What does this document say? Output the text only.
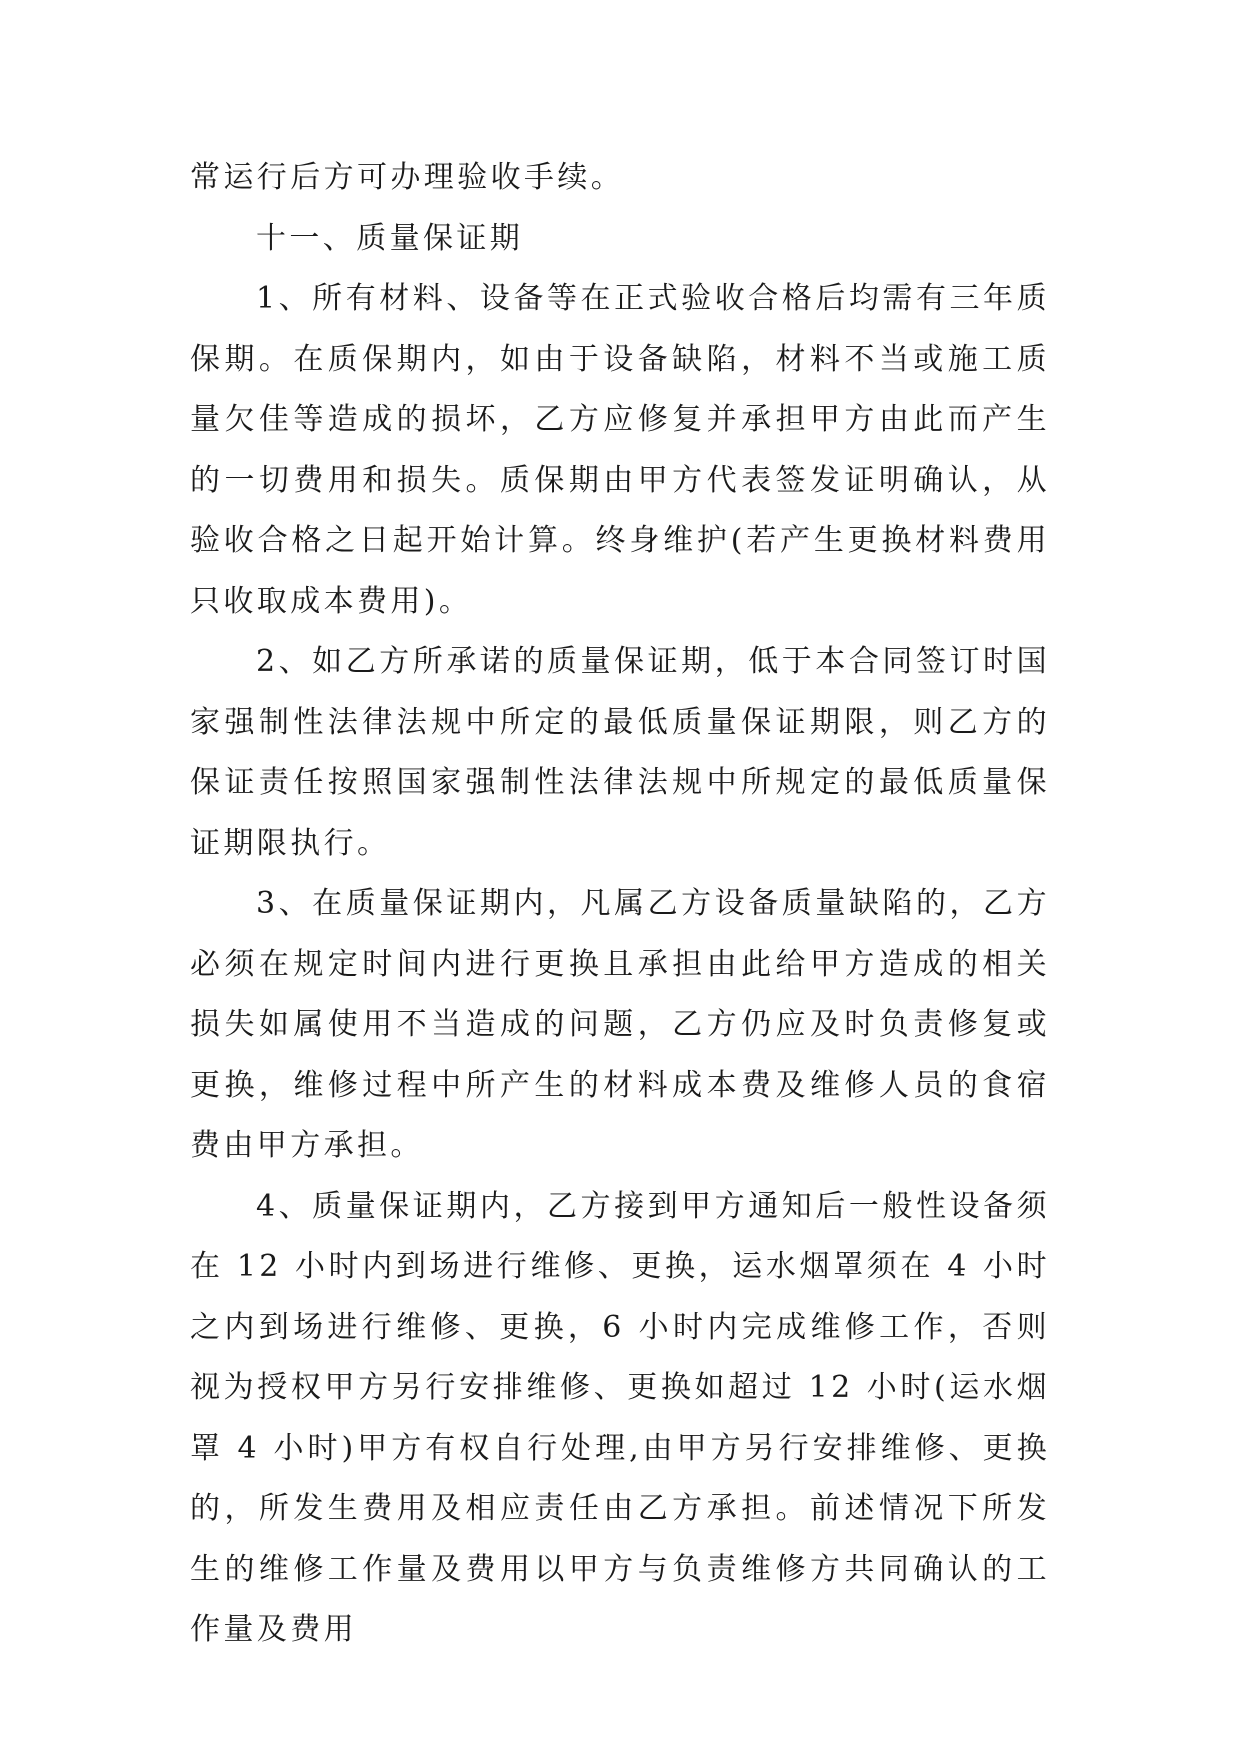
常运行后方可办理验收手续。

十一、质量保证期

1、所有材料、设备等在正式验收合格后均需有三年质保期。在质保期内，如由于设备缺陷，材料不当或施工质量欠佳等造成的损坏，乙方应修复并承担甲方由此而产生的一切费用和损失。质保期由甲方代表签发证明确认，从验收合格之日起开始计算。终身维护(若产生更换材料费用只收取成本费用)。

2、如乙方所承诺的质量保证期，低于本合同签订时国家强制性法律法规中所定的最低质量保证期限，则乙方的保证责任按照国家强制性法律法规中所规定的最低质量保证期限执行。

3、在质量保证期内，凡属乙方设备质量缺陷的，乙方必须在规定时间内进行更换且承担由此给甲方造成的相关损失如属使用不当造成的问题，乙方仍应及时负责修复或更换，维修过程中所产生的材料成本费及维修人员的食宿费由甲方承担。

4、质量保证期内，乙方接到甲方通知后一般性设备须在 12 小时内到场进行维修、更换，运水烟罩须在 4 小时之内到场进行维修、更换，6 小时内完成维修工作，否则视为授权甲方另行安排维修、更换如超过 12 小时(运水烟罩 4 小时)甲方有权自行处理,由甲方另行安排维修、更换的，所发生费用及相应责任由乙方承担。前述情况下所发生的维修工作量及费用以甲方与负责维修方共同确认的工作量及费用
